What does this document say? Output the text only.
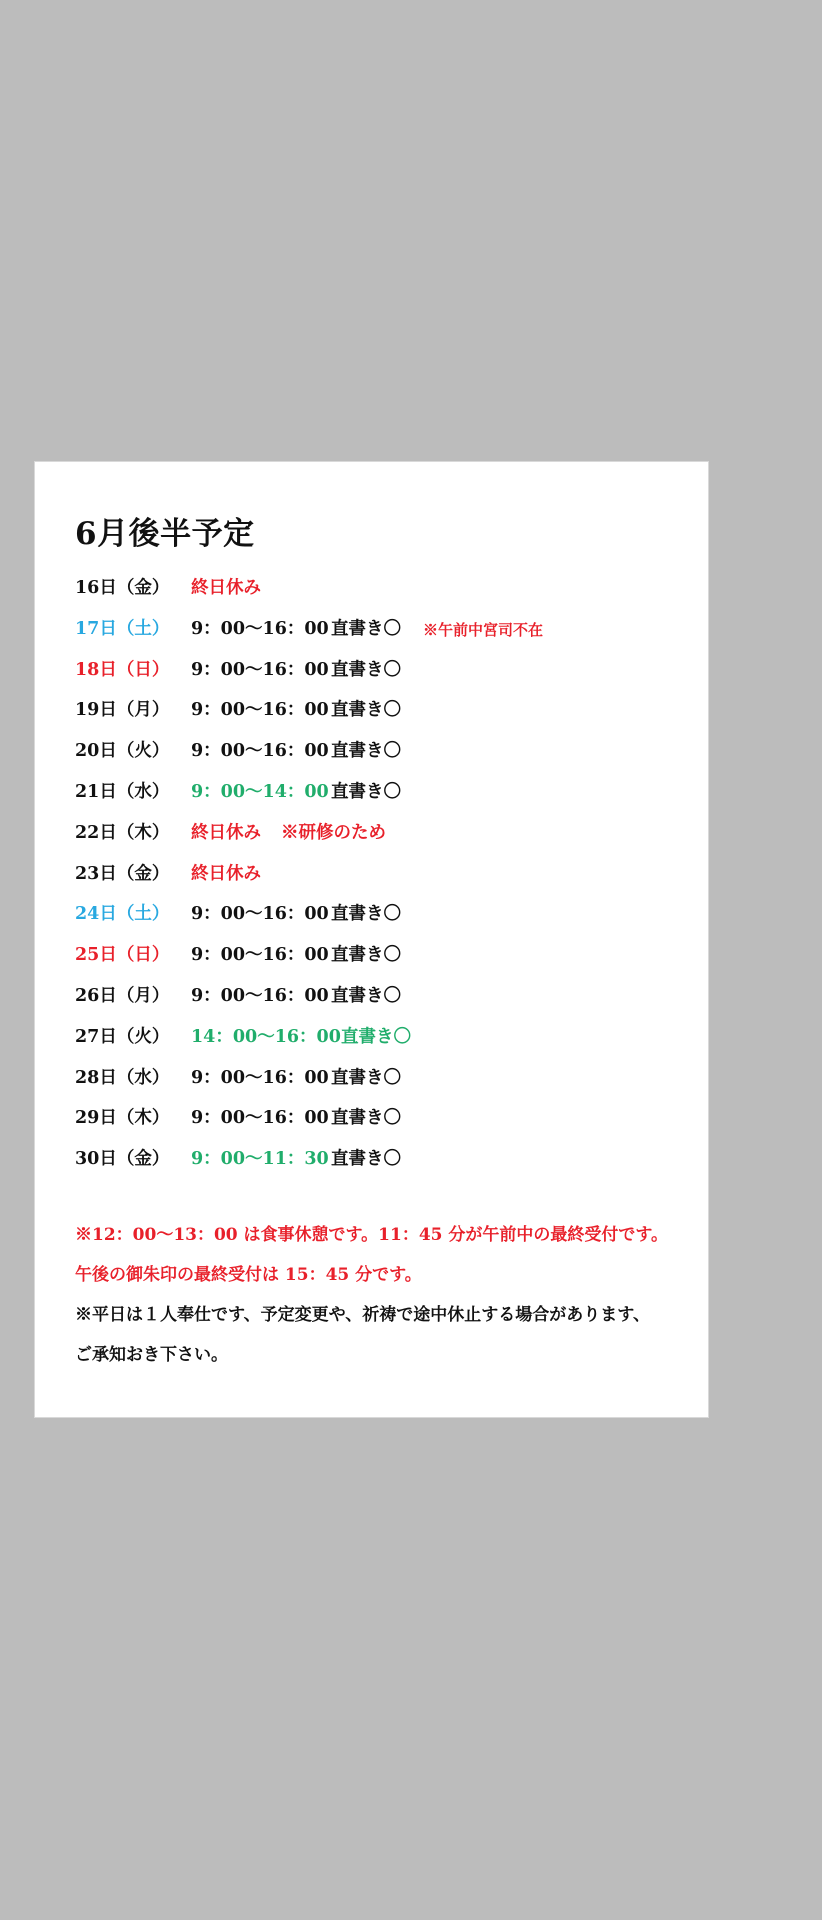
6月後半予定
16日（金） 終日休み
17日（土） 9：00〜16：00 直書き〇 ※午前中宮司不在
18日（日） 9：00〜16：00 直書き〇
19日（月） 9：00〜16：00 直書き〇
20日（火） 9：00〜16：00 直書き〇
21日（水） 9：00〜14：00 直書き〇
22日（木） 終日休み ※研修のため
23日（金） 終日休み
24日（土） 9：00〜16：00 直書き〇
25日（日） 9：00〜16：00 直書き〇
26日（月） 9：00〜16：00 直書き〇
27日（火） 14：00〜16：00 直書き〇
28日（水） 9：00〜16：00 直書き〇
29日（木） 9：00〜16：00 直書き〇
30日（金） 9：00〜11：30 直書き〇
※12：00〜13：00 は食事休憩です。11：45 分が午前中の最終受付です。
午後の御朱印の最終受付は 15：45 分です。
※平日は１人奉仕です、予定変更や、祈祷で途中休止する場合があります、
ご承知おき下さい。
